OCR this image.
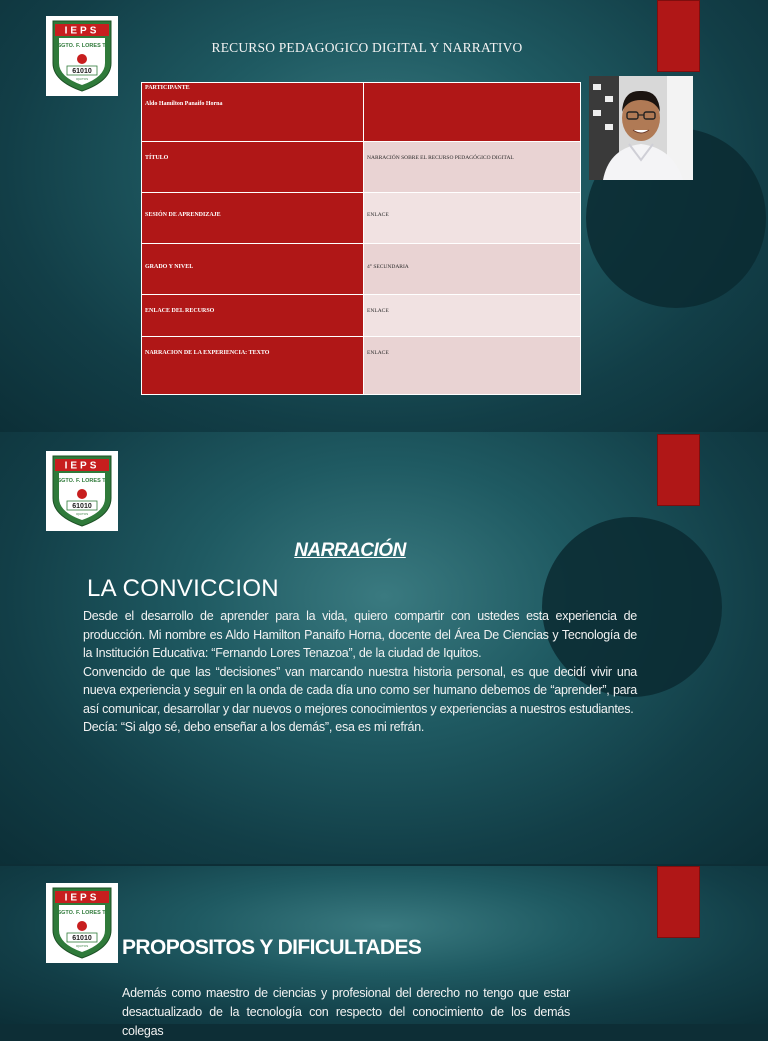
IEPS
SGTO. F. LORES T.
61010
IQUITOS
RECURSO PEDAGOGICO DIGITAL Y NARRATIVO
PARTICIPANTE
Aldo Hamilton Panaifo Horna	

TÍTULO	NARRACIÓN SOBRE EL RECURSO PEDAGÓGICO DIGITAL
SESIÓN DE APRENDIZAJE	ENLACE
GRADO Y NIVEL	4° SECUNDARIA
ENLACE DEL RECURSO	ENLACE
NARRACION DE LA EXPERIENCIA: TEXTO	ENLACE
IEPS
SGTO. F. LORES T.
61010
IQUITOS
NARRACIÓN
LA CONVICCION

Desde el desarrollo de aprender para la vida, quiero compartir con ustedes esta experiencia de producción. Mi nombre es Aldo Hamilton Panaifo Horna, docente del Área De Ciencias y Tecnología de la Institución Educativa: “Fernando Lores Tenazoa”, de la ciudad de Iquitos.

Convencido de que las “decisiones” van marcando nuestra historia personal, es que decidí vivir una nueva experiencia y seguir en la onda de cada día uno como ser humano debemos de “aprender”, para así comunicar, desarrollar y dar nuevos o mejores conocimientos y experiencias a nuestros estudiantes.

Decía: “Si algo sé, debo enseñar a los demás”, esa es mi refrán.

IEPS
SGTO. F. LORES T.
61010
IQUITOS PROPOSITOS Y DIFICULTADES
Además como maestro de ciencias y profesional del derecho no tengo que estar desactualizado de la tecnología con respecto del conocimiento de los demás colegas
